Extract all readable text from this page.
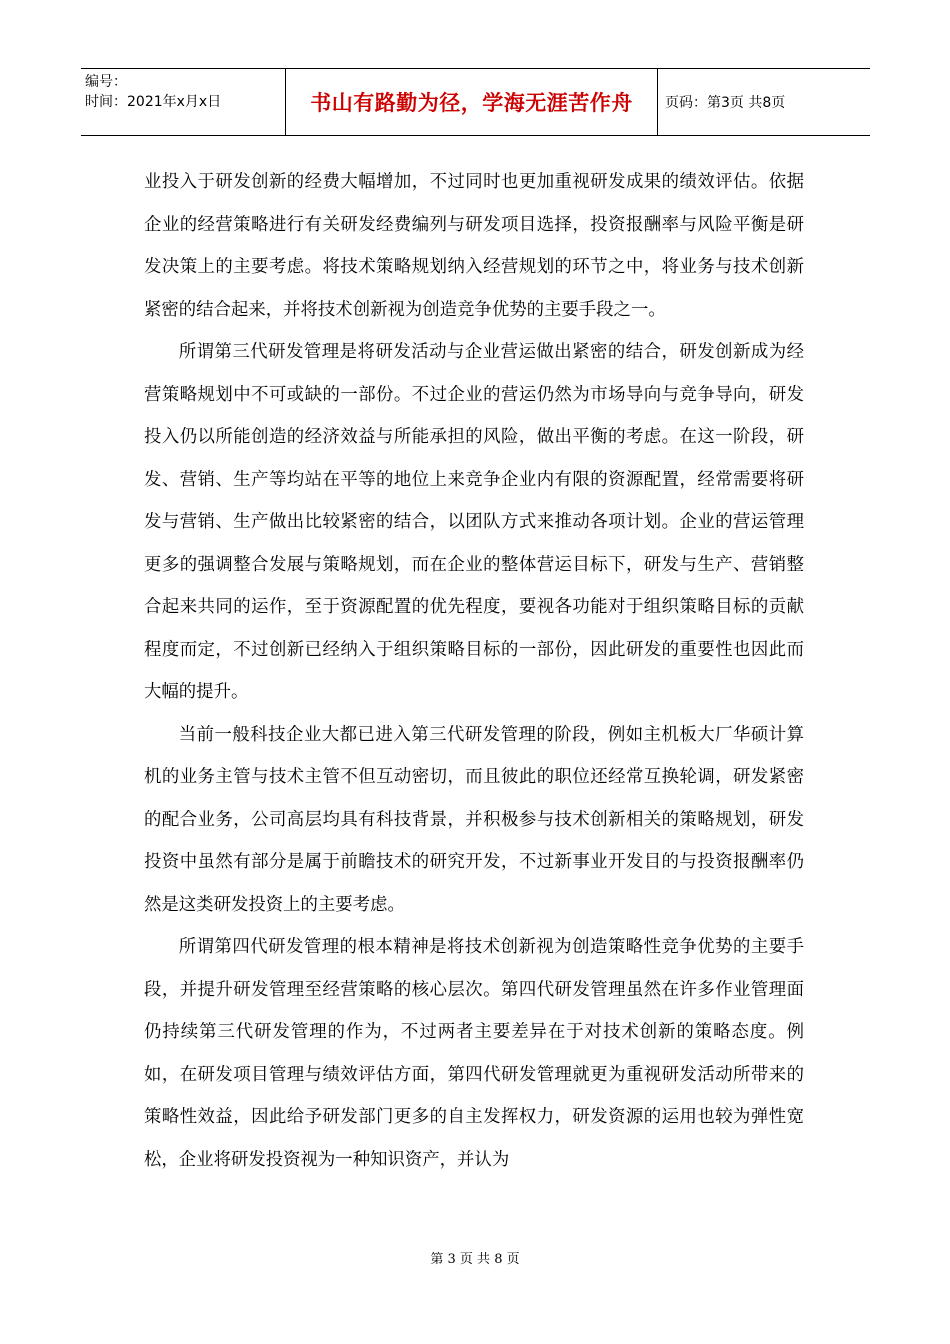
编号：
时间：2021年x月x日	书山有路勤为径，学海无涯苦作舟 页码：第3页 共8页

业投入于研发创新的经费大幅增加，不过同时也更加重视研发成果的绩效评估。依据企业的经营策略进行有关研发经费编列与研发项目选择，投资报酬率与风险平衡是研发决策上的主要考虑。将技术策略规划纳入经营规划的环节之中，将业务与技术创新紧密的结合起来，并将技术创新视为创造竞争优势的主要手段之一。

所谓第三代研发管理是将研发活动与企业营运做出紧密的结合，研发创新成为经营策略规划中不可或缺的一部份。不过企业的营运仍然为市场导向与竞争导向，研发投入仍以所能创造的经济效益与所能承担的风险，做出平衡的考虑。在这一阶段，研发、营销、生产等均站在平等的地位上来竞争企业内有限的资源配置，经常需要将研发与营销、生产做出比较紧密的结合，以团队方式来推动各项计划。企业的营运管理更多的强调整合发展与策略规划，而在企业的整体营运目标下，研发与生产、营销整合起来共同的运作，至于资源配置的优先程度，要视各功能对于组织策略目标的贡献程度而定，不过创新已经纳入于组织策略目标的一部份，因此研发的重要性也因此而大幅的提升。

当前一般科技企业大都已进入第三代研发管理的阶段，例如主机板大厂华硕计算机的业务主管与技术主管不但互动密切，而且彼此的职位还经常互换轮调，研发紧密的配合业务，公司高层均具有科技背景，并积极参与技术创新相关的策略规划，研发投资中虽然有部分是属于前瞻技术的研究开发，不过新事业开发目的与投资报酬率仍然是这类研发投资上的主要考虑。

所谓第四代研发管理的根本精神是将技术创新视为创造策略性竞争优势的主要手段，并提升研发管理至经营策略的核心层次。第四代研发管理虽然在许多作业管理面仍持续第三代研发管理的作为，不过两者主要差异在于对技术创新的策略态度。例如，在研发项目管理与绩效评估方面，第四代研发管理就更为重视研发活动所带来的策略性效益，因此给予研发部门更多的自主发挥权力，研发资源的运用也较为弹性宽松，企业将研发投资视为一种知识资产，并认为

第 3 页 共 8 页
